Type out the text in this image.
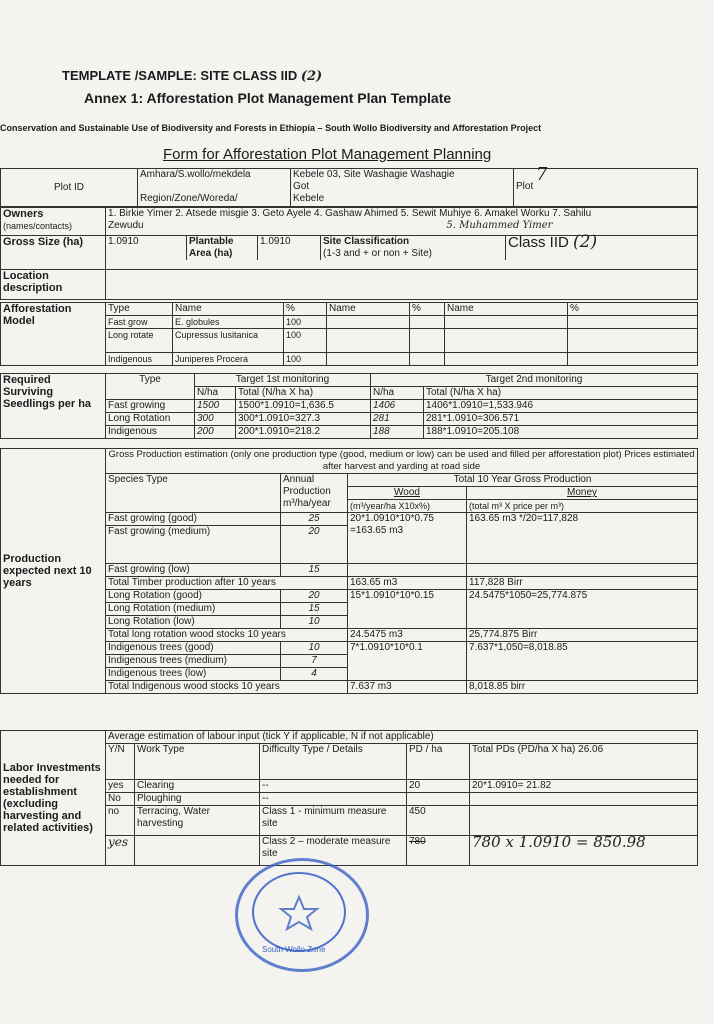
TEMPLATE /SAMPLE: SITE CLASS IID (2)
Annex 1: Afforestation Plot Management Plan Template
Conservation and Sustainable Use of Biodiversity and Forests in Ethiopia – South Wollo Biodiversity and Afforestation Project
Form for Afforestation Plot Management Planning
Plot ID	
Amhara/S.wollo/mekdela
Region/Zone/Woreda/

Kebele 03, Site Washagie Washagie
Got
Kebele

7
Plot
Owners
(names/contacts)

1. Birkie Yimer 2. Atsede misgie 3. Geto Ayele 4. Gashaw Ahimed 5. Sewit Muhiye 6. Amakel Worku 7. Sahilu
Zewudu	5. Muhammed Yimer
Gross Size (ha)	1.0910	Plantable Area (ha)	1.0910	Site Classification
(1-3 and + or non + Site)
	Class IID (2)

Location description	
Afforestation Model	Type	Name	%	Name	%	Name	%
	Fast grow	E. globules	100				
	Long rotate	Cupressus lusitanica	100				
	Indigenous	Juniperes Procera	100				
Required Surviving Seedlings per ha	Type	Target 1st monitoring		Target 2nd monitoring	
		N/ha	Total (N/ha X ha)	N/ha	Total (N/ha X ha)
	Fast growing	1500	1500*1.0910=1,636.5	1406	1406*1.0910=1,533.946
	Long Rotation	300	300*1.0910=327.3	281	281*1.0910=306.571
	Indigenous	200	200*1.0910=218.2	188	188*1.0910=205.108
Production expected next 10 years	Gross Production estimation (only one production type (good, medium or low) can be used and filled per afforestation plot) Prices estimated after harvest and yarding at road side			
	Species Type	Annual Production m³/ha/year	Total 10 Year Gross Production	
			Wood	Money
			(m³/year/ha X10x%)	(total m³ X price per m³)
	Fast growing (good)	25	20*1.0910*10*0.75 =163.65 m3	163.65 m3 */20=117,828
	Fast growing (medium)	20		
	Fast growing (low)	15		
	Total Timber production after 10 years		163.65 m3	117,828 Birr
	Long Rotation (good)	20	15*1.0910*10*0.15	24.5475*1050=25,774.875
	Long Rotation (medium)	15		
	Long Rotation (low)	10		
	Total long rotation wood stocks 10 years		24.5475 m3	25,774.875 Birr
	Indigenous trees (good)	10	7*1.0910*10*0.1	7.637*1,050=8,018.85
	Indigenous trees (medium)	7		
	Indigenous trees (low)	4		
	Total Indigenous wood stocks 10 years		7.637 m3	8,018.85 birr
Labor Investments needed for establishment (excluding harvesting and related activities)	Average estimation of labour input (tick Y if applicable, N if not applicable)				
	Y/N	Work Type	Difficulty Type / Details	PD / ha	Total PDs (PD/ha X ha) 26.06
	yes	Clearing	--	20	20*1.0910= 21.82
	No	Ploughing	--		
	no	Terracing, Water harvesting	Class 1 - minimum measure site	450	
	yes		Class 2 – moderate measure site	780	780 x 1.0910 = 850.98
South Wollo Zone
